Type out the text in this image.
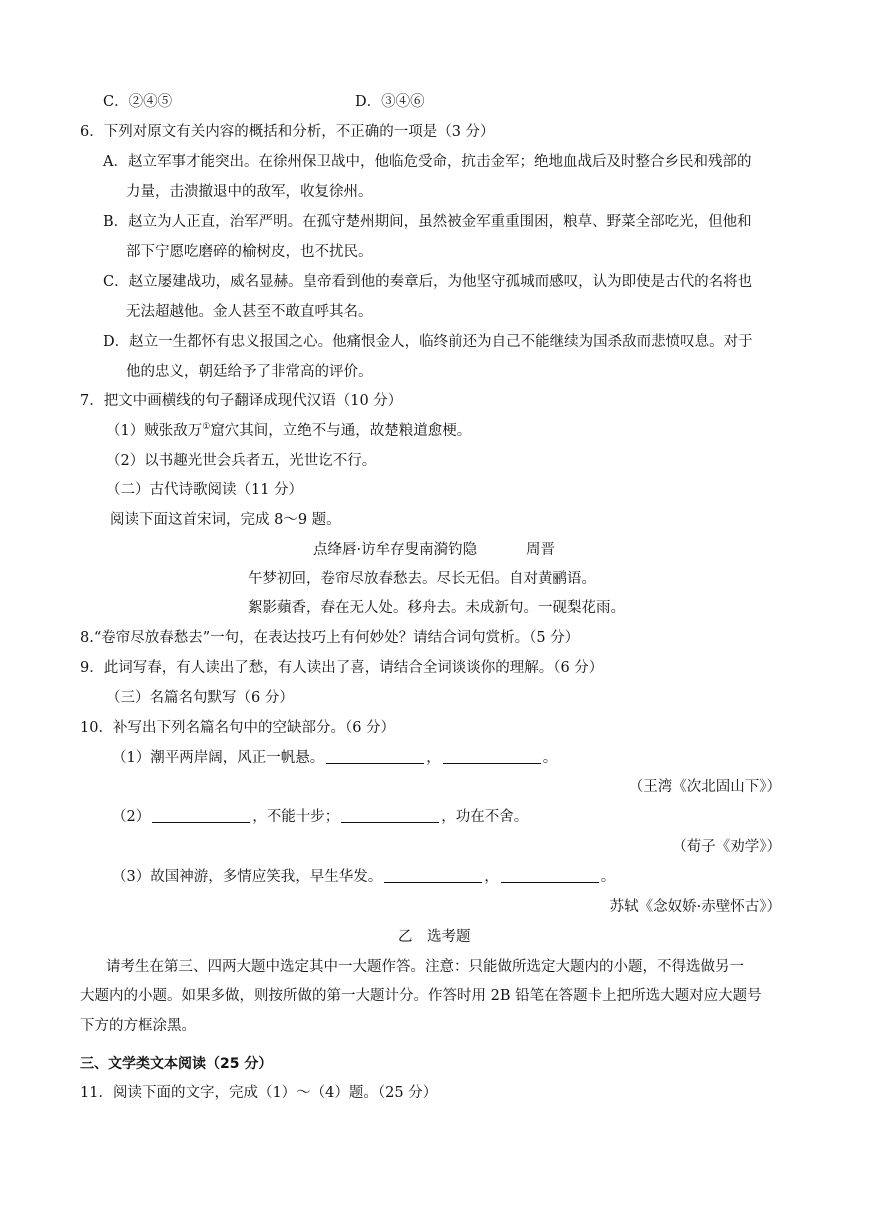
C．②④⑤	D．③④⑥
6．下列对原文有关内容的概括和分析，不正确的一项是（3 分）
A．赵立军事才能突出。在徐州保卫战中，他临危受命，抗击金军；绝地血战后及时整合乡民和残部的
力量，击溃撤退中的敌军，收复徐州。
B．赵立为人正直，治军严明。在孤守楚州期间，虽然被金军重重围困，粮草、野菜全部吃光，但他和
部下宁愿吃磨碎的榆树皮，也不扰民。
C．赵立屡建战功，威名显赫。皇帝看到他的奏章后，为他坚守孤城而感叹，认为即使是古代的名将也
无法超越他。金人甚至不敢直呼其名。
D．赵立一生都怀有忠义报国之心。他痛恨金人，临终前还为自己不能继续为国杀敌而悲愤叹息。对于
他的忠义，朝廷给予了非常高的评价。
7．把文中画横线的句子翻译成现代汉语（10 分）
（1）贼张敌万①窟穴其间，立绝不与通，故楚粮道愈梗。
（2）以书趣光世会兵者五，光世讫不行。
（二）古代诗歌阅读（11 分）
阅读下面这首宋词，完成 8～9 题。
点绛唇·访牟存叟南漪钓隐	周晋
午梦初回，卷帘尽放春愁去。尽长无侣。自对黄鹂语。
絮影蘋香，春在无人处。移舟去。未成新句。一砚梨花雨。
8.“卷帘尽放春愁去”一句，在表达技巧上有何妙处？请结合词句赏析。（5 分）
9．此词写春，有人读出了愁，有人读出了喜，请结合全词谈谈你的理解。（6 分）
（三）名篇名句默写（6 分）
10．补写出下列名篇名句中的空缺部分。（6 分）
（1）潮平两岸阔，风正一帆悬。	，	。
（王湾《次北固山下》）
（2）	，不能十步；	，功在不舍。
（荀子《劝学》）
（3）故国神游，多情应笑我，早生华发。	，	。
苏轼《念奴娇·赤壁怀古》）
乙　选考题
请考生在第三、四两大题中选定其中一大题作答。注意：只能做所选定大题内的小题，不得选做另一
大题内的小题。如果多做，则按所做的第一大题计分。作答时用 2B 铅笔在答题卡上把所选大题对应大题号
下方的方框涂黑。
三、文学类文本阅读（25 分）
11．阅读下面的文字，完成（1）～（4）题。（25 分）
